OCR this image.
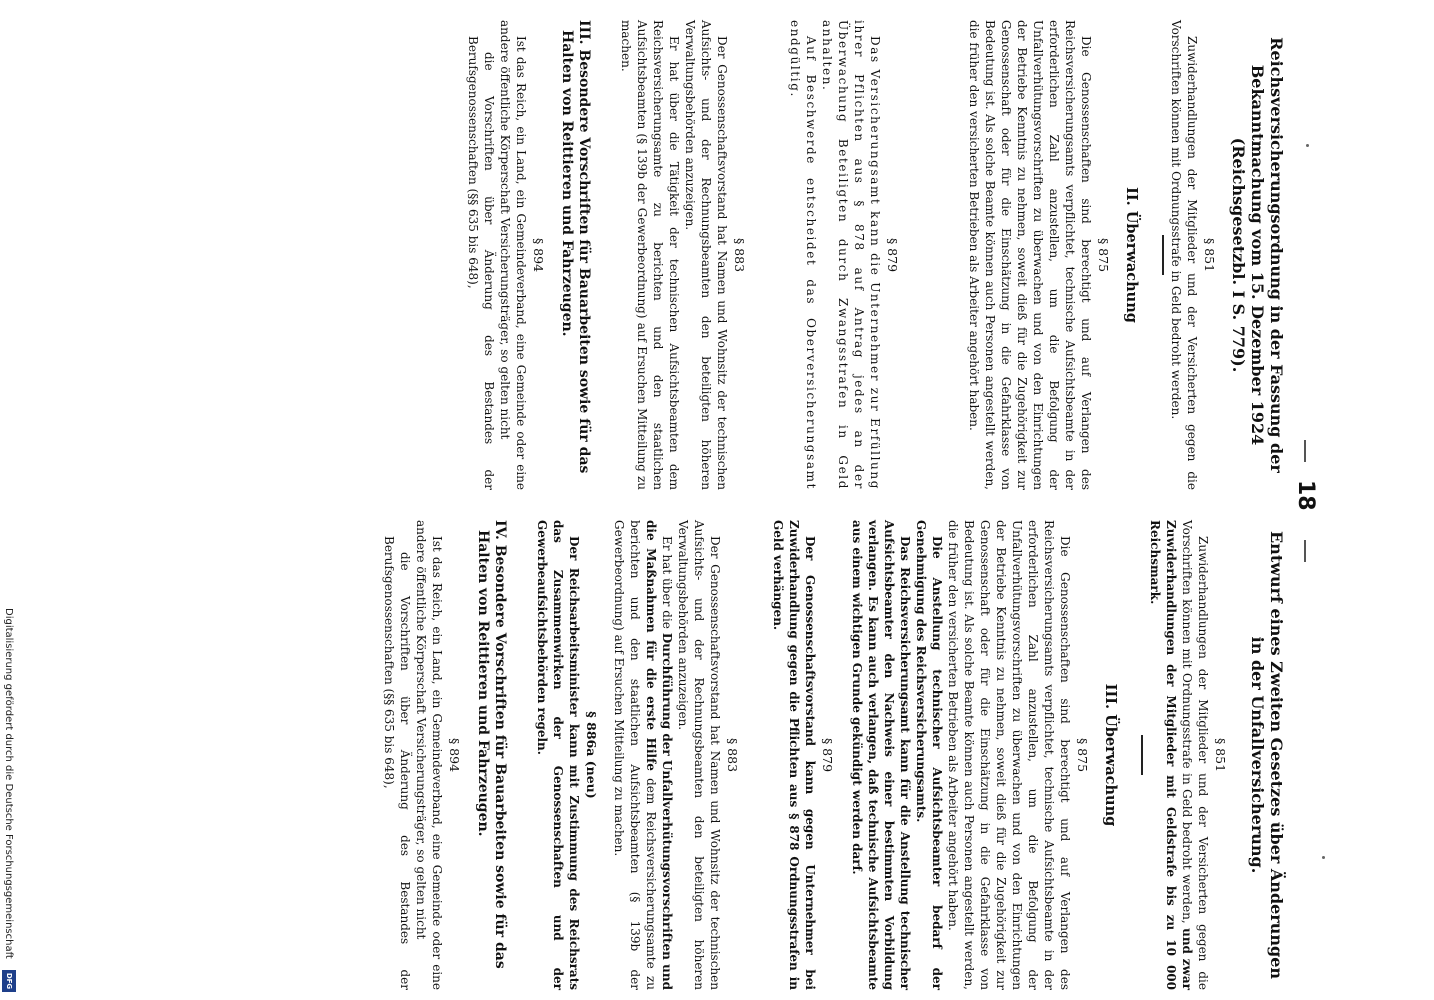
18
Reichsversicherungsordnung in der Fassung der
Bekanntmachung vom 15. Dezember 1924
(Reichsgesetzbl. I S. 779).
§ 851

Zuwiderhandlungen der Mitglieder und der Versicherten gegen die Vorschriften können mit Ordnungsstrafe in Geld bedroht werden.

II. Überwachung
§ 875

Die Genossenschaften sind berechtigt und auf Verlangen des Reichsversicherungsamts verpflichtet, technische Aufsichtsbeamte in der erforderlichen Zahl anzustellen, um die Befolgung der Unfallverhütungsvorschriften zu überwachen und von den Einrichtungen der Betriebe Kenntnis zu nehmen, soweit dieß für die Zugehörigkeit zur Genossenschaft oder für die Einschätzung in die Gefahrklasse von Bedeutung ist. Als solche Beamte können auch Personen angestellt werden, die früher den versicherten Betrieben als Arbeiter angehört haben.

§ 879

Das Versicherungsamt kann die Unternehmer zur Erfüllung ihrer Pflichten aus § 878 auf Antrag jedes an der Überwachung Beteiligten durch Zwangsstrafen in Geld anhalten.

Auf Beschwerde entscheidet das Oberversicherungsamt endgültig.

§ 883

Der Genossenschaftsvorstand hat Namen und Wohnsitz der technischen Aufsichts- und der Rechnungsbeamten den beteiligten höheren Verwaltungsbehörden anzuzeigen.

Er hat über die Tätigkeit der technischen Aufsichtsbeamten dem Reichsversicherungsamte zu berichten und den staatlichen Aufsichtsbeamten (§ 139b der Gewerbeordnung) auf Ersuchen Mitteilung zu machen.

III. Besondere Vorschriften für Bauarbeiten sowie für das Halten von Reittieren und Fahrzeugen.
§ 894

Ist das Reich, ein Land, ein Gemeindeverband, eine Gemeinde oder eine andere öffentliche Körperschaft Versicherungsträger, so gelten nicht

die Vorschriften über Änderung des Bestandes der Berufsgenossenschaften (§§ 635 bis 648),

Entwurf eines Zweiten Gesetzes über Änderungen
in der Unfallversicherung.
§ 851

Zuwiderhandlungen der Mitglieder und der Versicherten gegen die Vorschriften können mit Ordnungsstrafe in Geld bedroht werden, und zwar Zuwiderhandlungen der Mitglieder mit Geldstrafe bis zu 10 000 Reichsmark.

III. Überwachung
§ 875

Die Genossenschaften sind berechtigt und auf Verlangen des Reichsversicherungsamts verpflichtet, technische Aufsichtsbeamte in der erforderlichen Zahl anzustellen, um die Befolgung der Unfallverhütungsvorschriften zu überwachen und von den Einrichtungen der Betriebe Kenntnis zu nehmen, soweit dieß für die Zugehörigkeit zur Genossenschaft oder für die Einschätzung in die Gefahrklasse von Bedeutung ist. Als solche Beamte können auch Personen angestellt werden, die früher den versicherten Betrieben als Arbeiter angehört haben.

Die Anstellung technischer Aufsichtsbeamter bedarf der Genehmigung des Reichsversicherungsamts.

Das Reichsversicherungsamt kann für die Anstellung technischer Aufsichtsbeamter den Nachweis einer bestimmten Vorbildung verlangen. Es kann auch verlangen, daß technische Aufsichtsbeamte aus einem wichtigen Grunde gekündigt werden darf.

§ 879

Der Genossenschaftsvorstand kann gegen Unternehmer bei Zuwiderhandlung gegen die Pflichten aus § 878 Ordnungsstrafen in Geld verhängen.

§ 883

Der Genossenschaftsvorstand hat Namen und Wohnsitz der technischen Aufsichts- und der Rechnungsbeamten den beteiligten höheren Verwaltungsbehörden anzuzeigen.

Er hat über die Durchführung der Unfallverhütungsvorschriften und die Maßnahmen für die erste Hilfe dem Reichsversicherungsamte zu berichten und den staatlichen Aufsichtsbeamten (§ 139b der Gewerbeordnung) auf Ersuchen Mitteilung zu machen.

§ 886a (neu)

Der Reichsarbeitsminister kann mit Zustimmung des Reichsrats das Zusammenwirken der Genossenschaften und der Gewerbeaufsichtsbehörden regeln.

IV. Besondere Vorschriften für Bauarbeiten sowie für das Halten von Reittieren und Fahrzeugen.
§ 894

Ist das Reich, ein Land, ein Gemeindeverband, eine Gemeinde oder eine andere öffentliche Körperschaft Versicherungsträger, so gelten nicht

die Vorschriften über Änderung des Bestandes der Berufsgenossenschaften (§§ 635 bis 648),

Digitalisierung gefördert durch die Deutsche Forschungsgemeinschaft
DFG
